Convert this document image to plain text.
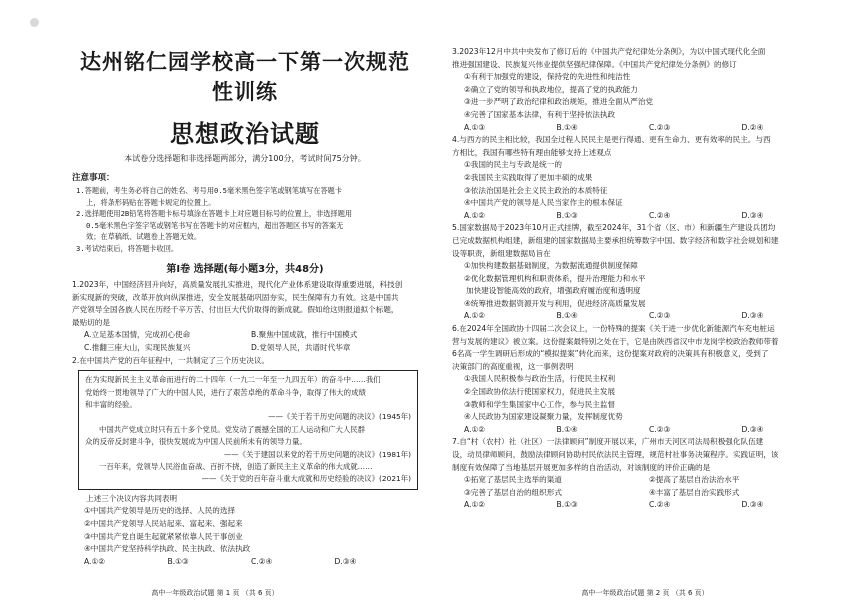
达州铭仁园学校高一下第一次规范性训练
思想政治试题
本试卷分选择题和非选择题两部分，满分100分，考试时间75分钟。
注意事项：
1.答题前，考生务必将自己的姓名、考号用0.5毫米黑色签字笔或钢笔填写在答题卡
上，将条形码贴在答题卡规定的位置上。
2.选择题使用2B铅笔将答题卡标号填涂在答题卡上对应题目标号的位置上，非选择题用
0.5毫米黑色字签字笔或钢笔书写在答题卡的对应框内，超出答题区书写的答案无
效；在草稿纸、试题卷上答题无效。
3.考试结束后，将答题卡收回。
第Ⅰ卷 选择题(每小题3分，共48分)

1.2023年，中国经济回升向好，高质量发展扎实推进，现代化产业体系建设取得重要进展，科技创

新实现新的突破，改革开放向纵深推进，安全发展基础巩固夯实，民生保障有力有效。这是中国共

产党领导全国各族人民在历经千辛万苦、付出巨大代价取得的新成就。假如给这则报道拟个标题，

最贴切的是

A.立足基本国情，完成初心使命	B.聚焦中国成就，推行中国模式
C.推翻三座大山，实现民族复兴	D.党领导人民，共谱时代华章

2.在中国共产党的百年征程中，一共制定了三个历史决议。

在为实现新民主主义革命而进行的二十四年（一九二一年至一九四五年）的奋斗中……我们

党始终一贯地领导了广大的中国人民，进行了艰苦卓绝的革命斗争，取得了伟大的成绩

和丰富的经验。

——《关于若干历史问题的决议》(1945年)

中国共产党成立时只有五十多个党员。党发动了震撼全国的工人运动和广大人民群

众的反帝反封建斗争，很快发展成为中国人民前所未有的领导力量。

——《关于建国以来党的若干历史问题的决议》(1981年)

一百年来，党领导人民浴血奋战、百折不挠，创造了新民主主义革命的伟大成就……

——《关于党的百年奋斗重大成就和历史经验的决议》(2021年)

上述三个决议内容共同表明

①中国共产党领导是历史的选择、人民的选择
②中国共产党领导人民站起来、富起来、强起来
③中国共产党自诞生起就紧紧依靠人民干事创业
④中国共产党坚持科学执政、民主执政、依法执政
A.①②	B.①③	C.②④	D.③④
高中一年级政治试题 第 1 页 （共 6 页）

3.2023年12月中共中央发布了修订后的《中国共产党纪律处分条例》，为以中国式现代化全面

推进强国建设、民族复兴伟业提供坚强纪律保障。《中国共产党纪律处分条例》的修订

①有利于加强党的建设，保持党的先进性和纯洁性
②确立了党的领导和执政地位，提高了党的执政能力
③进一步严明了政治纪律和政治规矩，推进全面从严治党
④完善了国家基本法律，有利于坚持依法执政
A.①③	B.①④	C.②③	D.②④

4.与西方的民主相比较，我国全过程人民民主是更行得通、更有生命力、更有效率的民主。与西

方相比，我国有哪些特有理由能够支持上述观点

①我国的民主与专政是统一的
②我国民主实践取得了更加丰硕的成果
③依法治国是社会主义民主政治的本质特征
④中国共产党的领导是人民当家作主的根本保证
A.①②	B.①③	C.②④	D.③④

5.国家数据局于2023年10月正式挂牌，截至2024年，31个省（区、市）和新疆生产建设兵团均

已完成数据机构组建，新组建的国家数据局主要承担统筹数字中国、数字经济和数字社会规划和建

设等职责，新组建数据局旨在

①加快构建数据基础制度，为数据流通提供制度保障
②优化数据管理机构和职责体系，提升治理能力和水平
加快建设智能高效的政府，增强政府履治度和透明度
④统筹推进数据资源开发与利用，促进经济高质量发展
A.①②	B.①④	C.②③	D.③④

6.在2024年全国政协十四届二次会议上，一份特殊的提案《关于进一步优化新能源汽车充电桩运

营与发展的建议》被立案。这份提案最特别之处在于，它是由陕西省汉中市龙岗学校政治教师带着

6名高一学生调研后形成的“模拟提案”转化而来，这份提案对政府的决策具有积极意义，受到了

决策部门的高度重视，这一事例表明

①我国人民积极参与政治生活，行使民主权利
②全国政协依法行使国家权力，促进民主发展
③教师和学生集国家中心工作，参与民主监督
④人民政协为国家建设凝聚力量，发挥制度优势
A.①②	B.①④	C.②③	D.③④

7.自“村（农村）社（社区）一法律顾问”制度开展以来，广州市天河区司法局积极强化队伍建

设，动员律师顾问，鼓励法律顾问协助村民依法民主管理，规范村社事务决策程序。实践证明，该

制度有效保障了当地基层开展更加多样的自治活动，对该制度的评价正确的是

①拓宽了基层民主选举的渠道	②提高了基层自治法治水平
③完善了基层自治的组织形式	④丰富了基层自治实践形式
A.①②	B.①③	C.②④	D.③④
高中一年级政治试题 第 2 页 （共 6 页）
